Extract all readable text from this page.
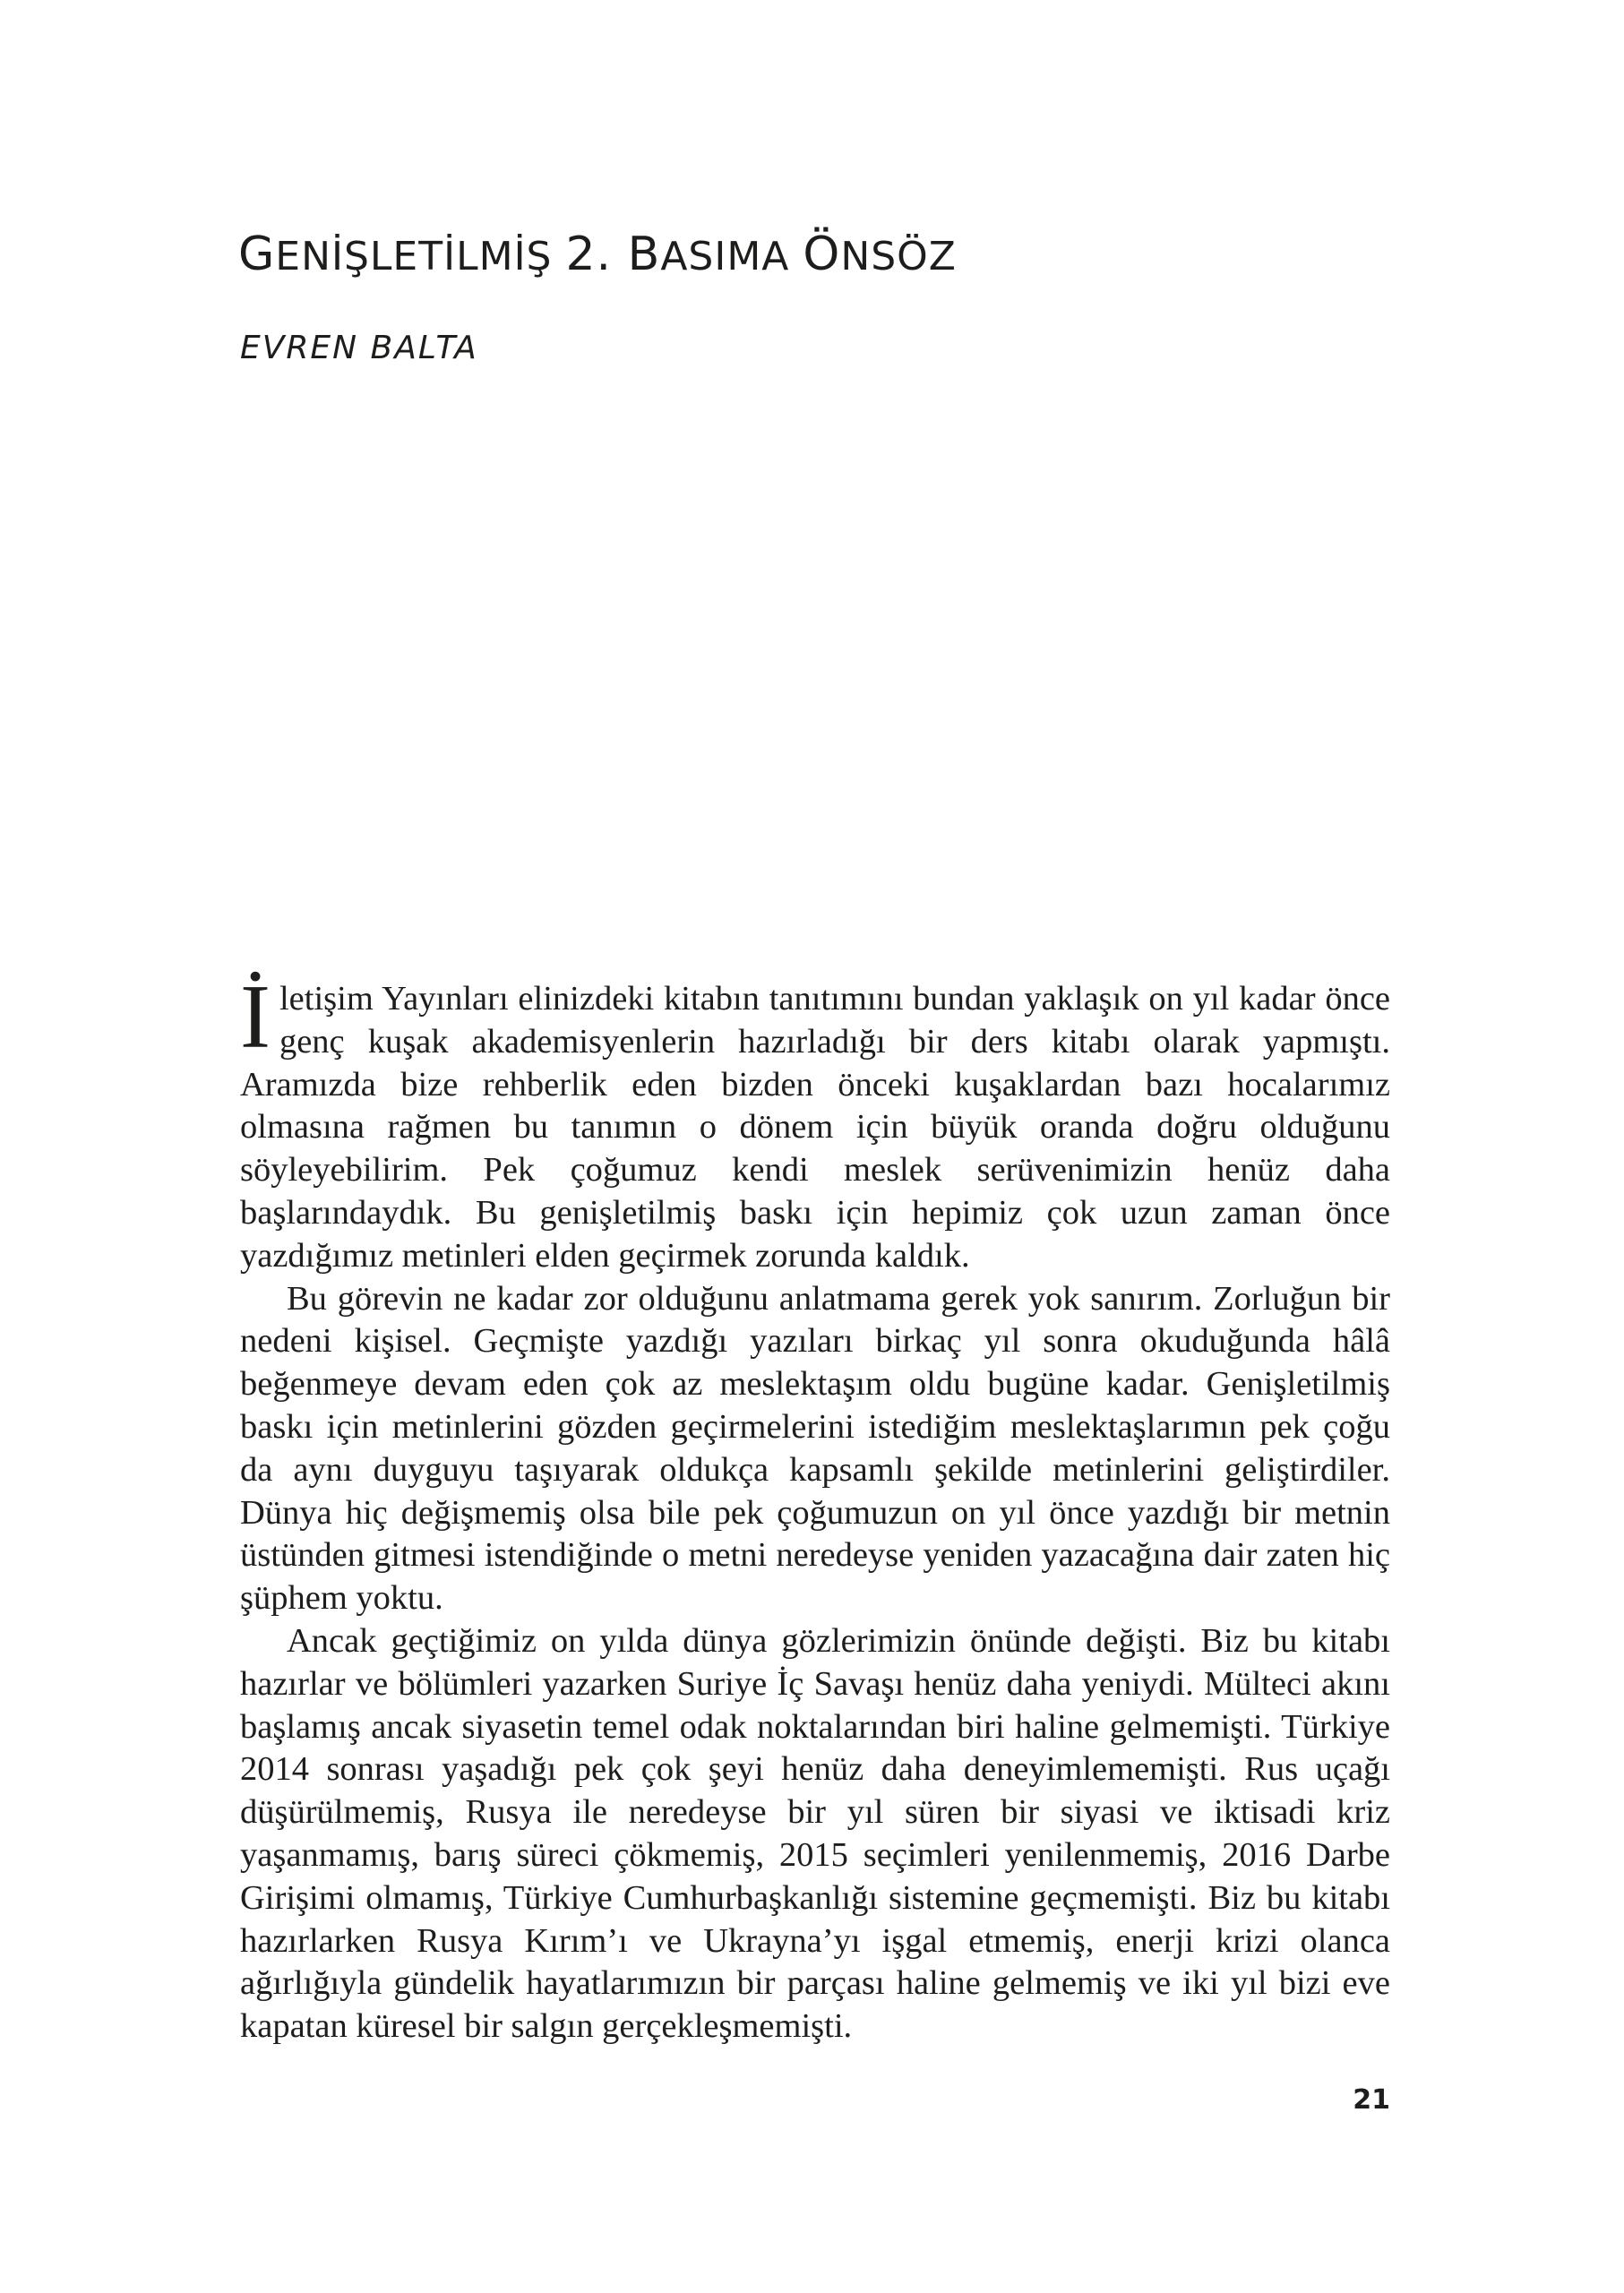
GENİŞLETİLMİŞ 2. BASIMA ÖNSÖZ

EVREN BALTA

İletişim Yayınları elinizdeki kitabın tanıtımını bundan yaklaşık on yıl kadar önce genç kuşak akademisyenlerin hazırladığı bir ders kitabı olarak yapmıştı. Aramızda bize rehberlik eden bizden önceki kuşaklardan bazı hocalarımız olmasına rağmen bu tanımın o dönem için büyük oranda doğru olduğunu söyleyebilirim. Pek çoğumuz kendi meslek serüvenimizin henüz daha başlarındaydık. Bu genişletilmiş baskı için hepimiz çok uzun zaman önce yazdığımız metinleri elden geçirmek zorunda kaldık.

Bu görevin ne kadar zor olduğunu anlatmama gerek yok sanırım. Zorluğun bir nedeni kişisel. Geçmişte yazdığı yazıları birkaç yıl sonra okuduğunda hâlâ beğenmeye devam eden çok az meslektaşım oldu bugüne kadar. Genişletilmiş baskı için metinlerini gözden geçirmelerini istediğim meslektaşlarımın pek çoğu da aynı duyguyu taşıyarak oldukça kapsamlı şekilde metinlerini geliştirdiler. Dünya hiç değişmemiş olsa bile pek çoğumuzun on yıl önce yazdığı bir metnin üstünden gitmesi istendiğinde o metni neredeyse yeniden yazacağına dair zaten hiç şüphem yoktu.

Ancak geçtiğimiz on yılda dünya gözlerimizin önünde değişti. Biz bu kitabı hazırlar ve bölümleri yazarken Suriye İç Savaşı henüz daha yeniydi. Mülteci akını başlamış ancak siyasetin temel odak noktalarından biri haline gelmemişti. Türkiye 2014 sonrası yaşadığı pek çok şeyi henüz daha deneyimlememişti. Rus uçağı düşürülmemiş, Rusya ile neredeyse bir yıl süren bir siyasi ve iktisadi kriz yaşanmamış, barış süreci çökmemiş, 2015 seçimleri yenilenmemiş, 2016 Darbe Girişimi olmamış, Türkiye Cumhurbaşkanlığı sistemine geçmemişti. Biz bu kitabı hazırlarken Rusya Kırım’ı ve Ukrayna’yı işgal etmemiş, enerji krizi olanca ağırlığıyla gündelik hayatlarımızın bir parçası haline gelmemiş ve iki yıl bizi eve kapatan küresel bir salgın gerçekleşmemişti.

21
